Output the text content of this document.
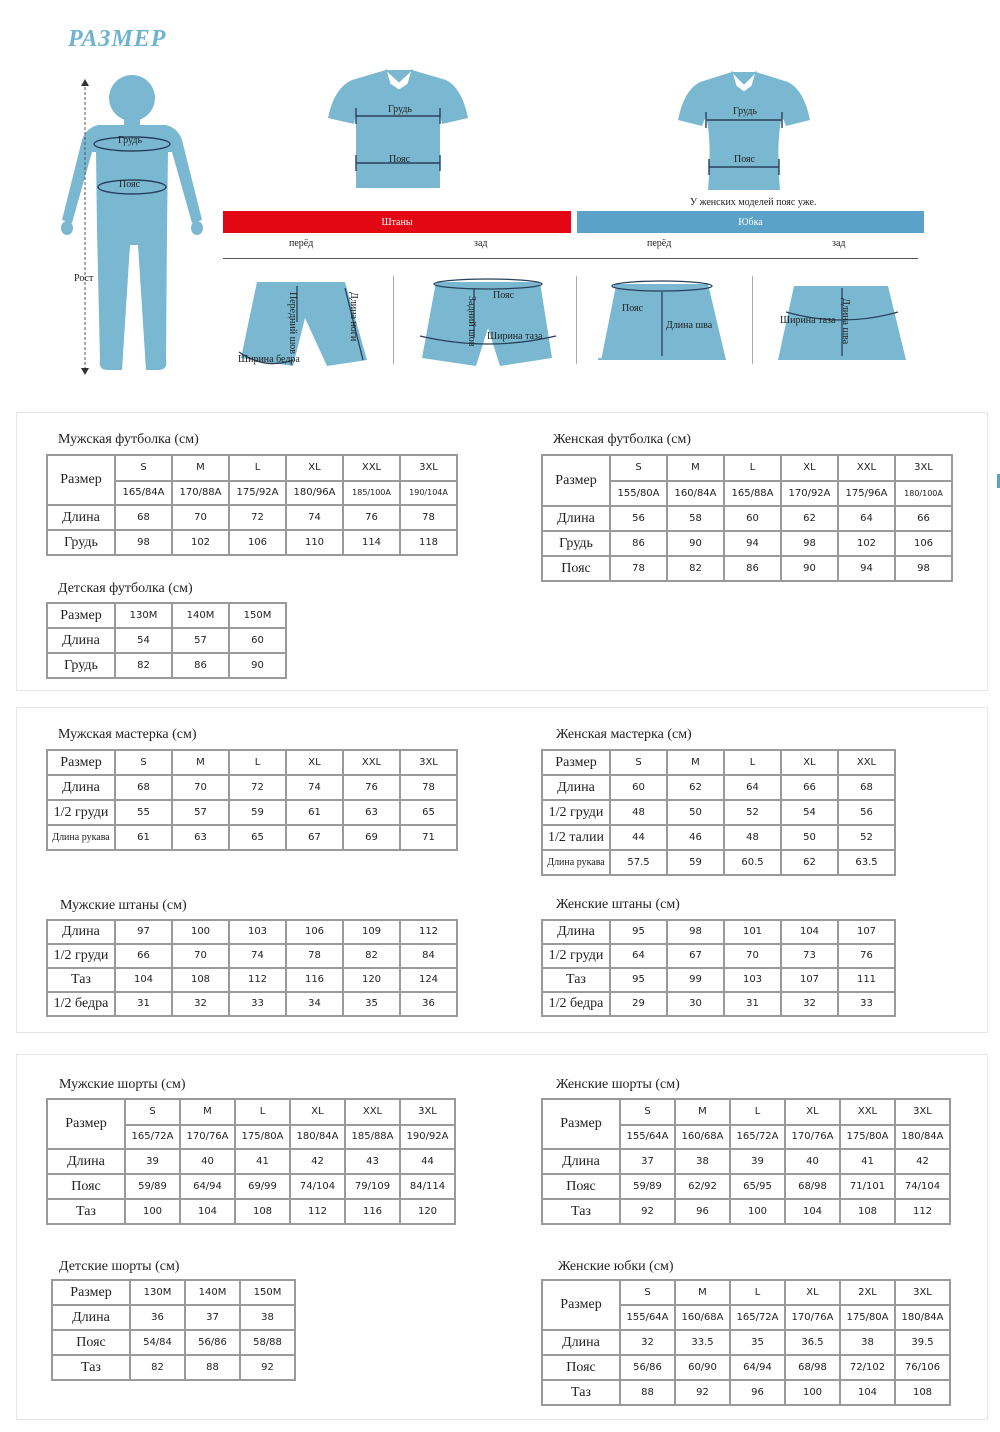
РАЗМЕР
Грудь
Пояс
Рост
Грудь
Пояс
Грудь
Пояс
У женских моделей пояс уже.
Штаны	Юбка
перёд	зад	перёд	зад
Передний шов	Длина ноги
Ширина бедра
Пояс
Задний шов Ширина таза
Пояс
Длина шва	Ширина таза Длина шва
Мужская футболка (см)
Размер	S	M	L	XL	XXL	3XL
	165/84A	170/88A	175/92A	180/96A	185/100A	190/104A
Длина	68	70	72	74	76	78
Грудь	98	102	106	110	114	118
Женская футболка (см)
Размер	S	M	L	XL	XXL	3XL
	155/80A	160/84A	165/88A	170/92A	175/96A	180/100A
Длина	56	58	60	62	64	66
Грудь	86	90	94	98	102	106
Пояс	78	82	86	90	94	98
Детская футболка (см)
Размер	130M	140M	150M
Длина	54	57	60
Грудь	82	86	90
Мужская мастерка (см)
Размер	S	M	L	XL	XXL	3XL
Длина	68	70	72	74	76	78
1/2 груди	55	57	59	61	63	65
Длина рукава	61	63	65	67	69	71
Женская мастерка (см)
Размер	S	M	L	XL	XXL
Длина	60	62	64	66	68
1/2 груди	48	50	52	54	56
1/2 талии	44	46	48	50	52
Длина рукава	57.5	59	60.5	62	63.5
Мужские штаны (см)
Длина	97	100	103	106	109	112
1/2 груди	66	70	74	78	82	84
Таз	104	108	112	116	120	124
1/2 бедра	31	32	33	34	35	36
Женские штаны (см)
Длина	95	98	101	104	107
1/2 груди	64	67	70	73	76
Таз	95	99	103	107	111
1/2 бедра	29	30	31	32	33
Мужские шорты (см)
Размер	S	M	L	XL	XXL	3XL
	165/72A	170/76A	175/80A	180/84A	185/88A	190/92A
Длина	39	40	41	42	43	44
Пояс	59/89	64/94	69/99	74/104	79/109	84/114
Таз	100	104	108	112	116	120
Женские шорты (см)
Размер	S	M	L	XL	XXL	3XL
	155/64A	160/68A	165/72A	170/76A	175/80A	180/84A
Длина	37	38	39	40	41	42
Пояс	59/89	62/92	65/95	68/98	71/101	74/104
Таз	92	96	100	104	108	112
Детские шорты (см)
Размер	130M	140M	150M
Длина	36	37	38
Пояс	54/84	56/86	58/88
Таз	82	88	92
Женские юбки (см)
Размер	S	M	L	XL	2XL	3XL
	155/64A	160/68A	165/72A	170/76A	175/80A	180/84A
Длина	32	33.5	35	36.5	38	39.5
Пояс	56/86	60/90	64/94	68/98	72/102	76/106
Таз	88	92	96	100	104	108
